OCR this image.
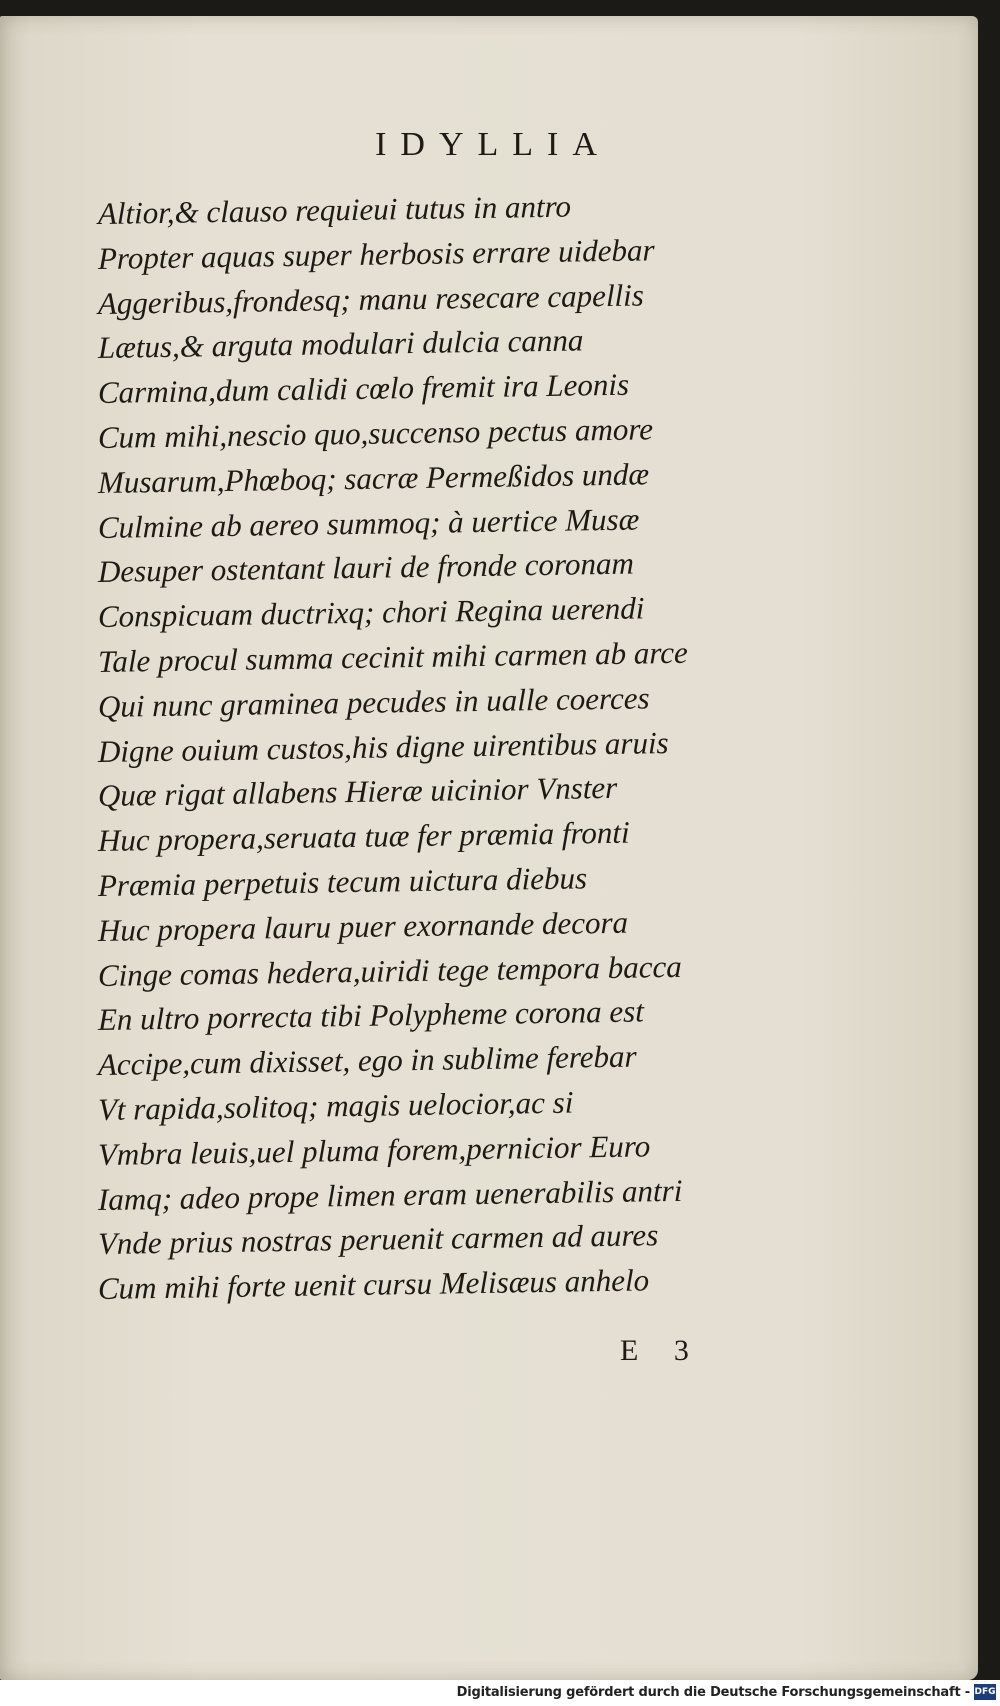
IDYLLIA
Altior,& clauso requieui tutus in antro
Propter aquas super herbosis errare uidebar
Aggeribus,frondesq; manu resecare capellis
Lætus,& arguta modulari dulcia canna
Carmina,dum calidi cœlo fremit ira Leonis
Cum mihi,nescio quo,succenso pectus amore
Musarum,Phœboq; sacræ Permeßidos undæ
Culmine ab aereo summoq; à uertice Musæ
Desuper ostentant lauri de fronde coronam
Conspicuam ductrixq; chori Regina uerendi
Tale procul summa cecinit mihi carmen ab arce
Qui nunc graminea pecudes in ualle coerces
Digne ouium custos,his digne uirentibus aruis
Quæ rigat allabens Hieræ uicinior Vnster
Huc propera,seruata tuæ fer præmia fronti
Præmia perpetuis tecum uictura diebus
Huc propera lauru puer exornande decora
Cinge comas hedera,uiridi tege tempora bacca
En ultro porrecta tibi Polypheme corona est
Accipe,cum dixisset, ego in sublime ferebar
Vt rapida,solitoq; magis uelocior,ac si
Vmbra leuis,uel pluma forem,pernicior Euro
Iamq; adeo prope limen eram uenerabilis antri
Vnde prius nostras peruenit carmen ad aures
Cum mihi forte uenit cursu Melisæus anhelo
E 3
Digitalisierung gefördert durch die Deutsche Forschungsgemeinschaft - DFG
